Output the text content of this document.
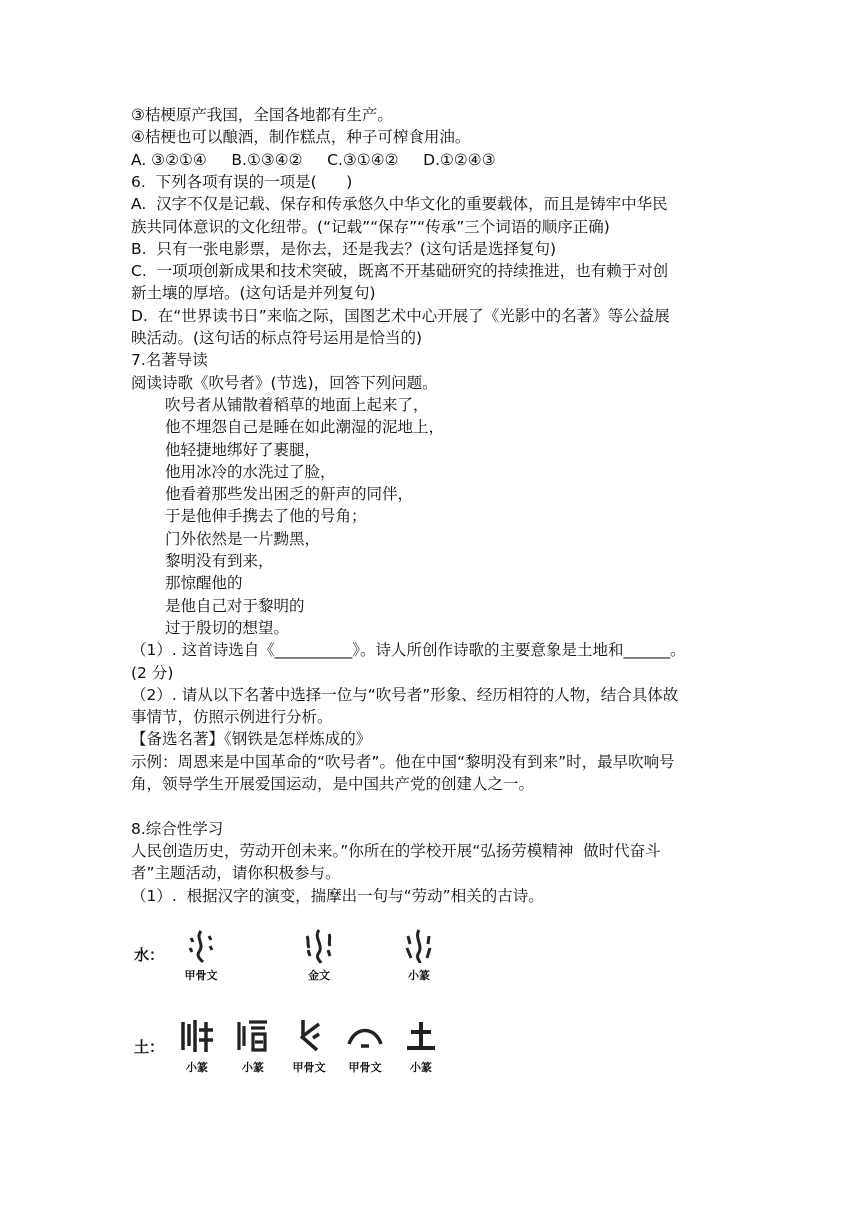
③桔梗原产我国，全国各地都有生产。
④桔梗也可以酿酒，制作糕点，种子可榨食用油。
A. ③②①④     B.①③④②     C.③①④②     D.①②④③
6.  下列各项有误的一项是(      )
A.  汉字不仅是记载、保存和传承悠久中华文化的重要载体，而且是铸牢中华民
族共同体意识的文化纽带。(“记载”“保存”“传承”三个词语的顺序正确)
B.  只有一张电影票，是你去，还是我去？(这句话是选择复句)
C.  一项项创新成果和技术突破，既离不开基础研究的持续推进，也有赖于对创
新土壤的厚培。(这句话是并列复句)
D.  在“世界读书日”来临之际，国图艺术中心开展了《光影中的名著》等公益展
映活动。(这句话的标点符号运用是恰当的)
7.名著导读
阅读诗歌《吹号者》(节选)，回答下列问题。
吹号者从铺散着稻草的地面上起来了，
他不埋怨自己是睡在如此潮湿的泥地上，
他轻捷地绑好了裹腿，
他用冰冷的水洗过了脸，
他看着那些发出困乏的鼾声的同伴，
于是他伸手携去了他的号角；
门外依然是一片黝黑，
黎明没有到来，
那惊醒他的
是他自己对于黎明的
过于殷切的想望。
（1）. 这首诗选自《__________》。诗人所创作诗歌的主要意象是土地和______。
(2 分)
（2）. 请从以下名著中选择一位与“吹号者”形象、经历相符的人物，结合具体故
事情节，仿照示例进行分析。
【备选名著】《钢铁是怎样炼成的》
示例：周恩来是中国革命的“吹号者”。他在中国“黎明没有到来”时，最早吹响号
角，领导学生开展爱国运动，是中国共产党的创建人之一。
8.综合性学习
人民创造历史，劳动开创未来。”你所在的学校开展“弘扬劳模精神  做时代奋斗
者”主题活动，请你积极参与。
（1）.  根据汉字的演变，揣摩出一句与“劳动”相关的古诗。
水：
甲骨文	金文	小篆
土：
小篆	小篆	甲骨文	甲骨文	小篆
